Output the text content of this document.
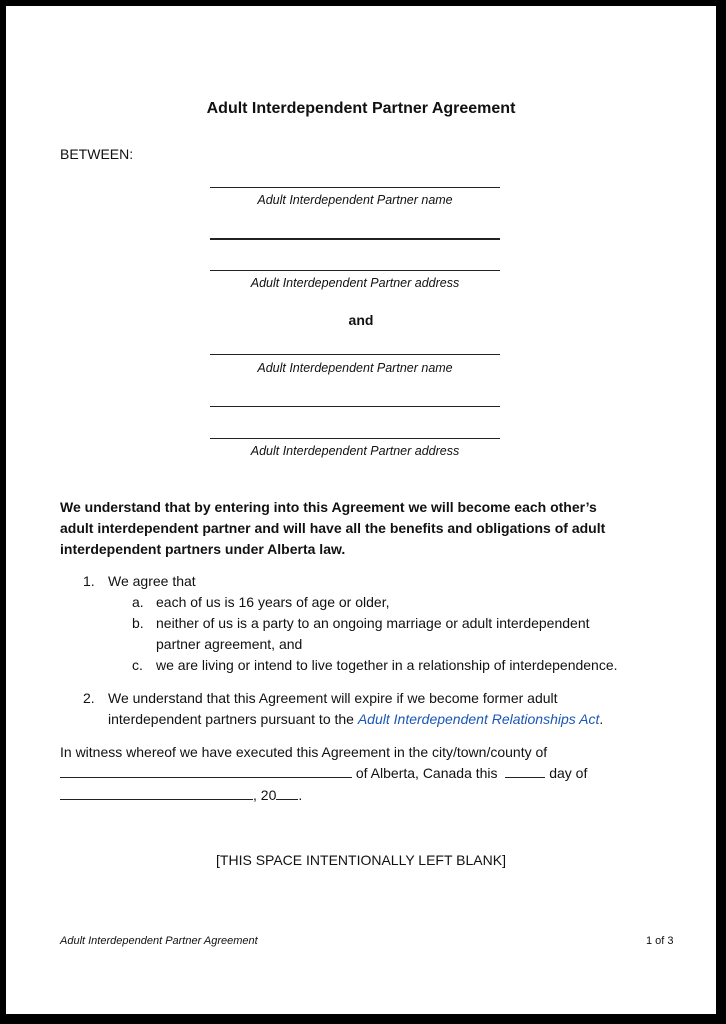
Adult Interdependent Partner Agreement
BETWEEN:
Adult Interdependent Partner name
Adult Interdependent Partner address
and
Adult Interdependent Partner name
Adult Interdependent Partner address
We understand that by entering into this Agreement we will become each other’s
adult interdependent partner and will have all the benefits and obligations of adult
interdependent partners under Alberta law.
1. We agree that
a. each of us is 16 years of age or older,
b. neither of us is a party to an ongoing marriage or adult interdependent
partner agreement, and
c. we are living or intend to live together in a relationship of interdependence.
2. We understand that this Agreement will expire if we become former adult
interdependent partners pursuant to the Adult Interdependent Relationships Act.
In witness whereof we have executed this Agreement in the city/town/county of
of Alberta, Canada this	day of
, 20 .
[THIS SPACE INTENTIONALLY LEFT BLANK]
Adult Interdependent Partner Agreement	1 of 3
